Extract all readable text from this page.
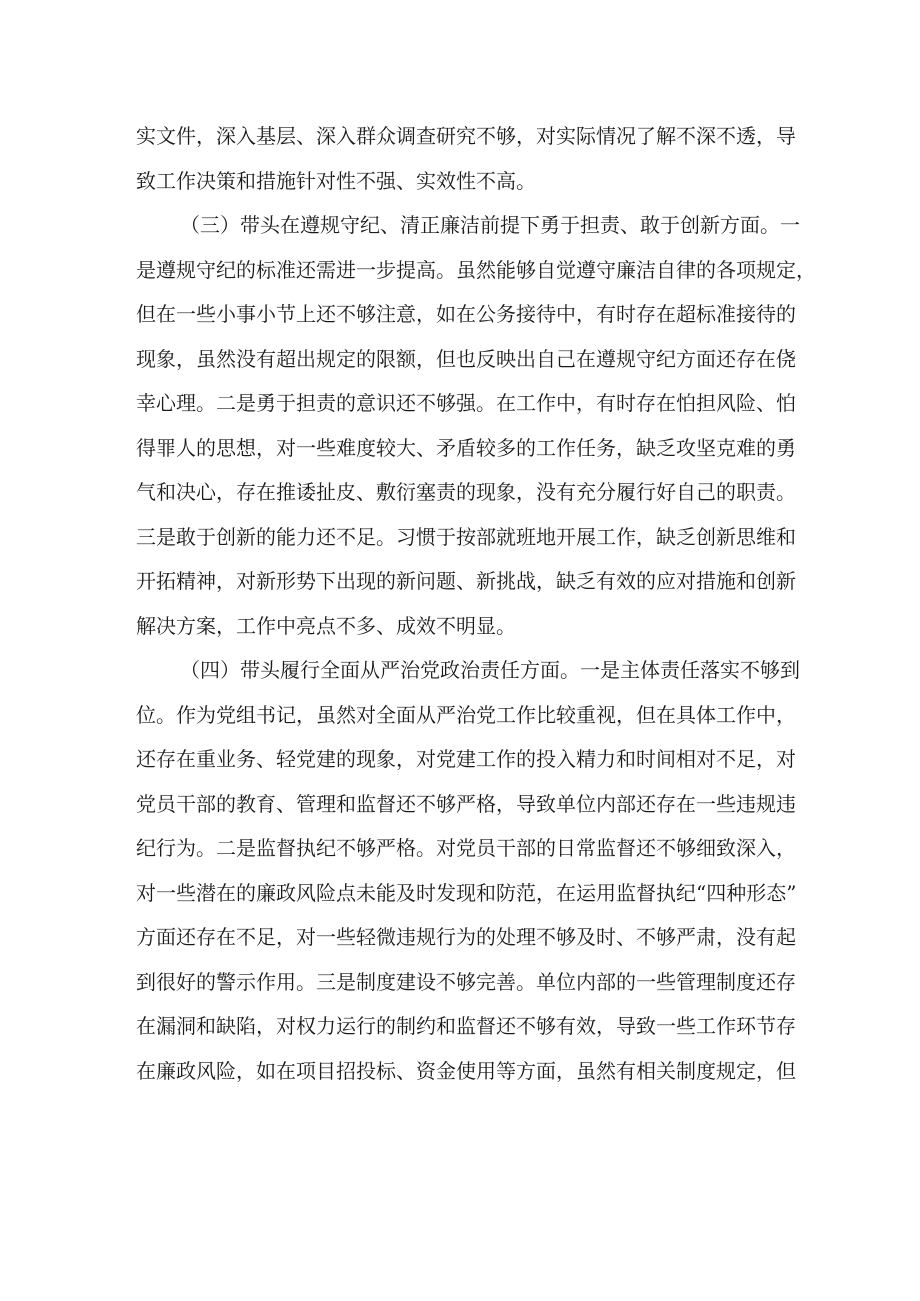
实文件，深入基层、深入群众调查研究不够，对实际情况了解不深不透，导
致工作决策和措施针对性不强、实效性不高。
（三）带头在遵规守纪、清正廉洁前提下勇于担责、敢于创新方面。一
是遵规守纪的标准还需进一步提高。虽然能够自觉遵守廉洁自律的各项规定，
但在一些小事小节上还不够注意，如在公务接待中，有时存在超标准接待的
现象，虽然没有超出规定的限额，但也反映出自己在遵规守纪方面还存在侥
幸心理。二是勇于担责的意识还不够强。在工作中，有时存在怕担风险、怕
得罪人的思想，对一些难度较大、矛盾较多的工作任务，缺乏攻坚克难的勇
气和决心，存在推诿扯皮、敷衍塞责的现象，没有充分履行好自己的职责。
三是敢于创新的能力还不足。习惯于按部就班地开展工作，缺乏创新思维和
开拓精神，对新形势下出现的新问题、新挑战，缺乏有效的应对措施和创新
解决方案，工作中亮点不多、成效不明显。
（四）带头履行全面从严治党政治责任方面。一是主体责任落实不够到
位。作为党组书记，虽然对全面从严治党工作比较重视，但在具体工作中，
还存在重业务、轻党建的现象，对党建工作的投入精力和时间相对不足，对
党员干部的教育、管理和监督还不够严格，导致单位内部还存在一些违规违
纪行为。二是监督执纪不够严格。对党员干部的日常监督还不够细致深入，
对一些潜在的廉政风险点未能及时发现和防范，在运用监督执纪“四种形态”
方面还存在不足，对一些轻微违规行为的处理不够及时、不够严肃，没有起
到很好的警示作用。三是制度建设不够完善。单位内部的一些管理制度还存
在漏洞和缺陷，对权力运行的制约和监督还不够有效，导致一些工作环节存
在廉政风险，如在项目招投标、资金使用等方面，虽然有相关制度规定，但
